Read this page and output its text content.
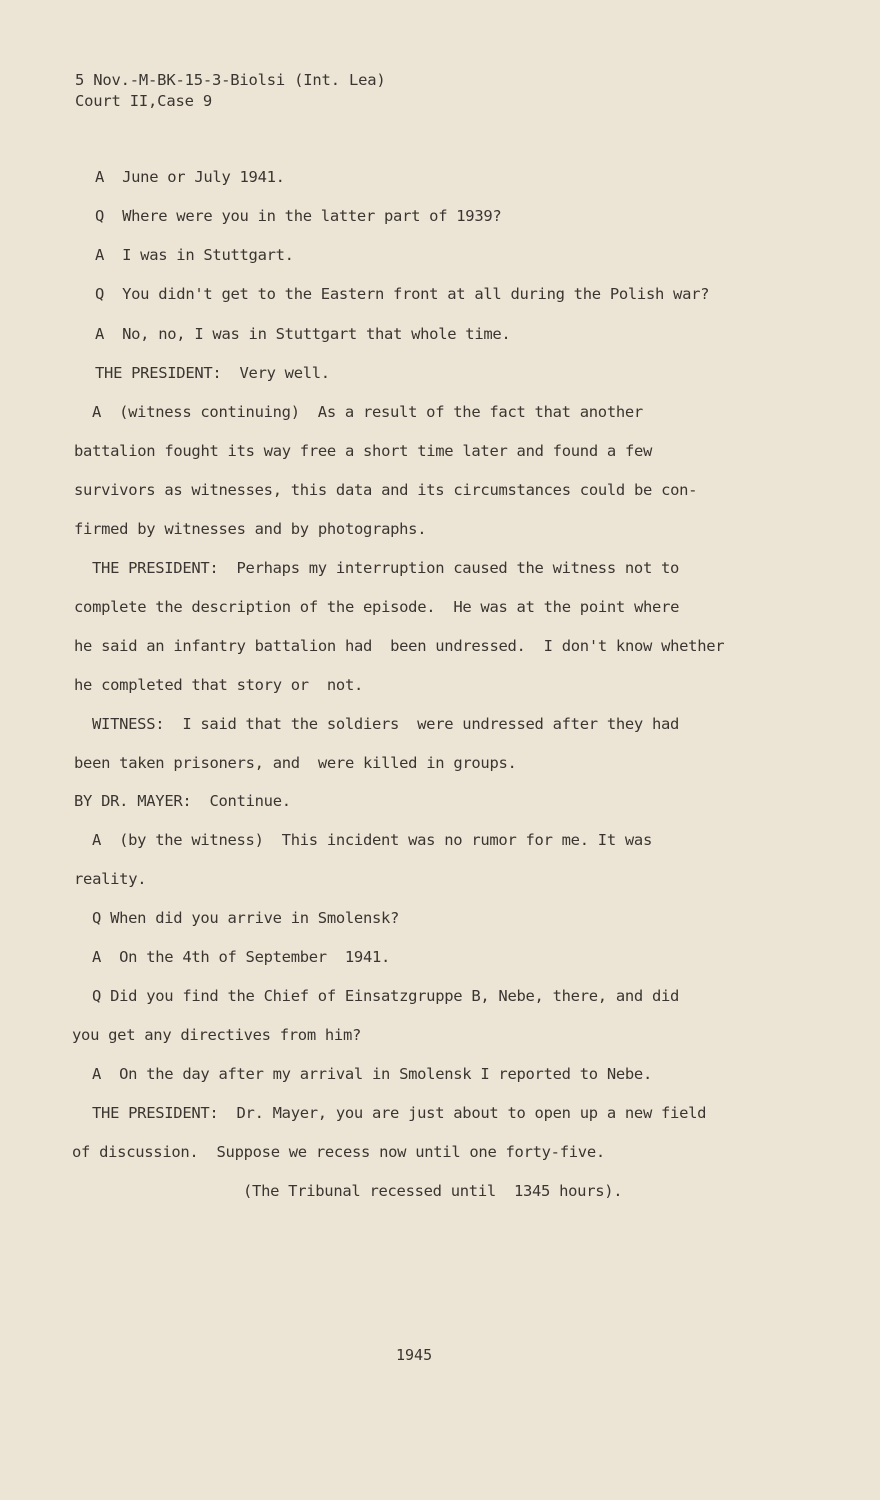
5 Nov.-M-BK-15-3-Biolsi (Int. Lea)
Court II,Case 9
A  June or July 1941.
Q  Where were you in the latter part of 1939?
A  I was in Stuttgart.
Q  You didn't get to the Eastern front at all during the Polish war?
A  No, no, I was in Stuttgart that whole time.
THE PRESIDENT:  Very well.
A  (witness continuing)  As a result of the fact that another
battalion fought its way free a short time later and found a few
survivors as witnesses, this data and its circumstances could be con-
firmed by witnesses and by photographs.
THE PRESIDENT:  Perhaps my interruption caused the witness not to
complete the description of the episode.  He was at the point where
he said an infantry battalion had  been undressed.  I don't know whether
he completed that story or  not.
WITNESS:  I said that the soldiers  were undressed after they had
been taken prisoners, and  were killed in groups.
BY DR. MAYER:  Continue.
A  (by the witness)  This incident was no rumor for me. It was
reality.
Q When did you arrive in Smolensk?
A  On the 4th of September  1941.
Q Did you find the Chief of Einsatzgruppe B, Nebe, there, and did
you get any directives from him?
A  On the day after my arrival in Smolensk I reported to Nebe.
THE PRESIDENT:  Dr. Mayer, you are just about to open up a new field
of discussion.  Suppose we recess now until one forty-five.
(The Tribunal recessed until  1345 hours).
1945
